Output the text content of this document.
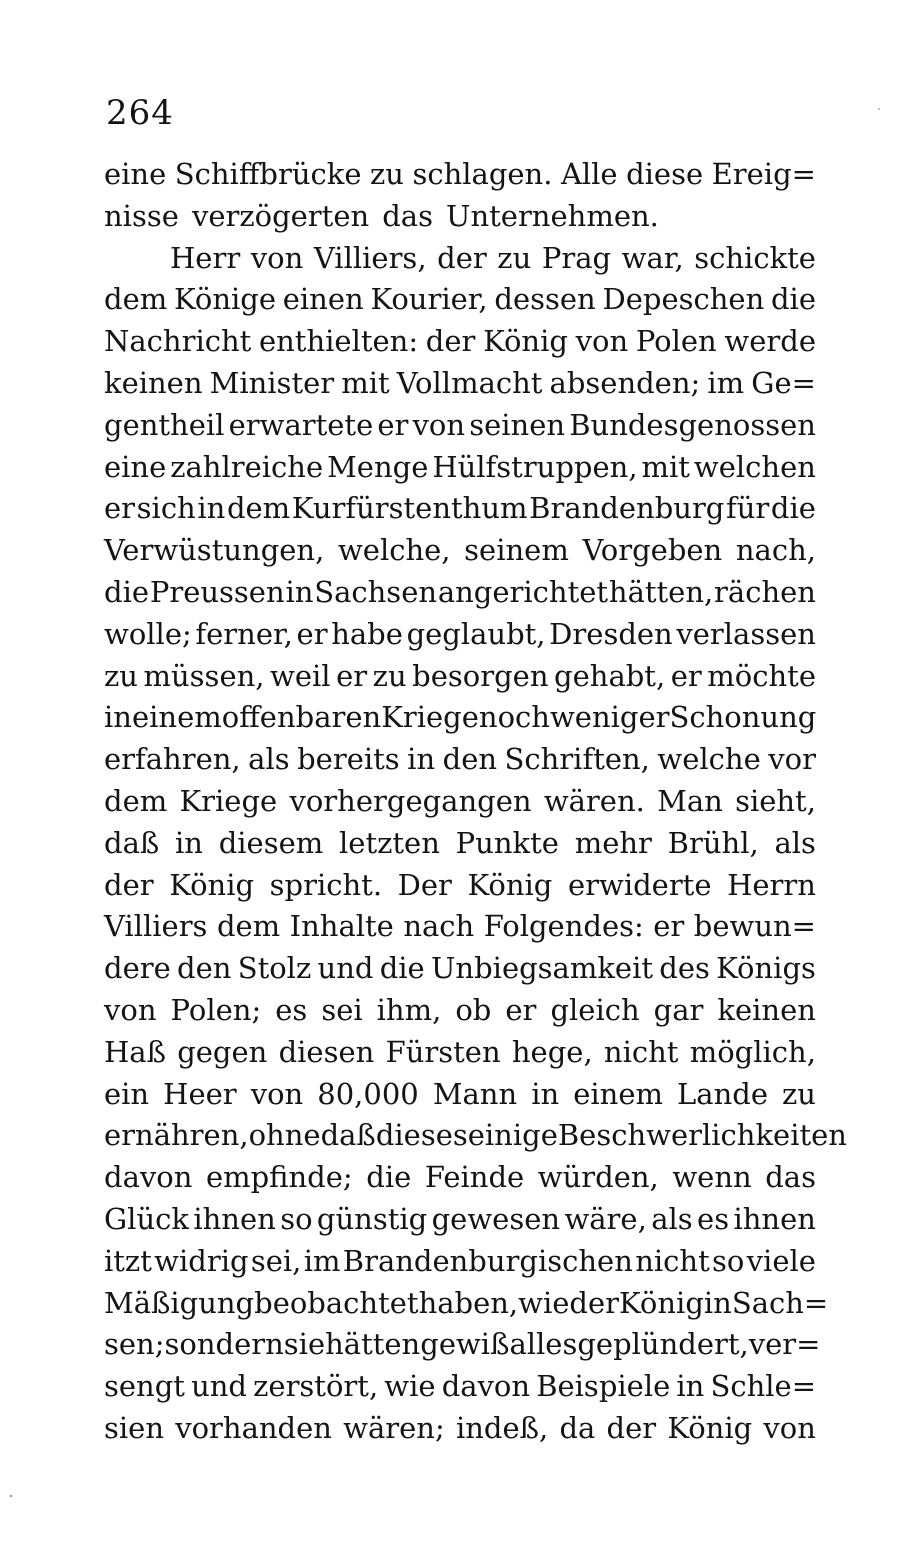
264
eine Schiffbrücke zu schlagen. Alle diese Ereig=
nisse verzögerten das Unternehmen.
Herr von Villiers, der zu Prag war, schickte
dem Könige einen Kourier, dessen Depeschen die
Nachricht enthielten: der König von Polen werde
keinen Minister mit Vollmacht absenden; im Ge=
gentheil erwartete er von seinen Bundesgenossen
eine zahlreiche Menge Hülfstruppen, mit welchen
er sich in dem Kurfürstenthum Brandenburg für die
Verwüstungen, welche, seinem Vorgeben nach,
die Preussen in Sachsen angerichtet hätten, rächen
wolle; ferner, er habe geglaubt, Dresden verlassen
zu müssen, weil er zu besorgen gehabt, er möchte
in einem offenbaren Kriege noch weniger Schonung
erfahren, als bereits in den Schriften, welche vor
dem Kriege vorhergegangen wären. Man sieht,
daß in diesem letzten Punkte mehr Brühl, als
der König spricht. Der König erwiderte Herrn
Villiers dem Inhalte nach Folgendes: er bewun=
dere den Stolz und die Unbiegsamkeit des Königs
von Polen; es sei ihm, ob er gleich gar keinen
Haß gegen diesen Fürsten hege, nicht möglich,
ein Heer von 80,000 Mann in einem Lande zu
ernähren, ohne daß dieses einige Beschwerlichkeiten
davon empfinde; die Feinde würden, wenn das
Glück ihnen so günstig gewesen wäre, als es ihnen
itzt widrig sei, im Brandenburgischen nicht so viele
Mäßigung beobachtet haben, wie der König in Sach=
sen; sondern sie hätten gewiß alles geplündert, ver=
sengt und zerstört, wie davon Beispiele in Schle=
sien vorhanden wären; indeß, da der König von
